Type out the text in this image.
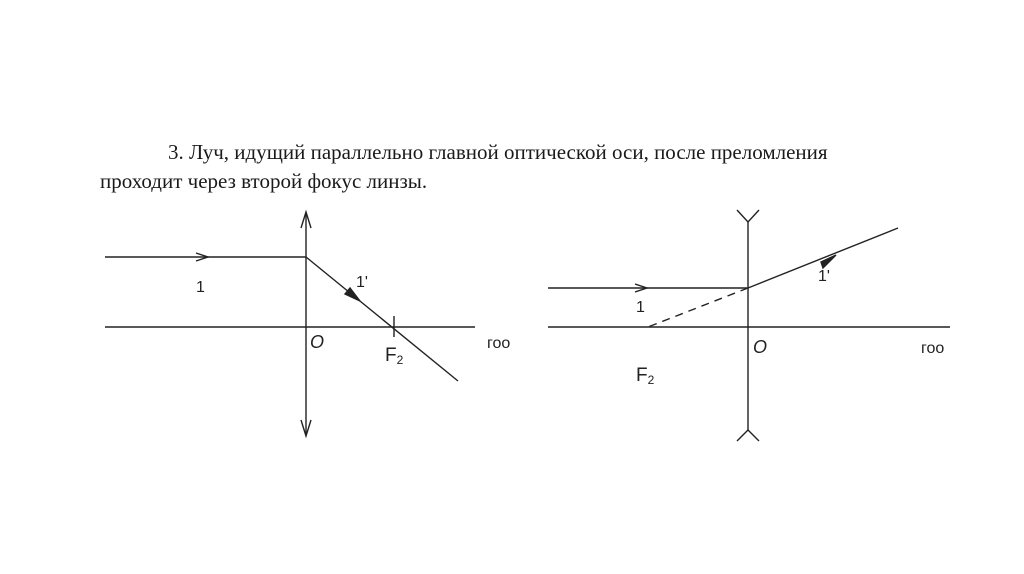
3. Луч, идущий параллельно главной оптической оси, после преломления
проходит через второй фокус линзы.

1	1'
O
F2
гоо
1
1'
O
F2
гоо
